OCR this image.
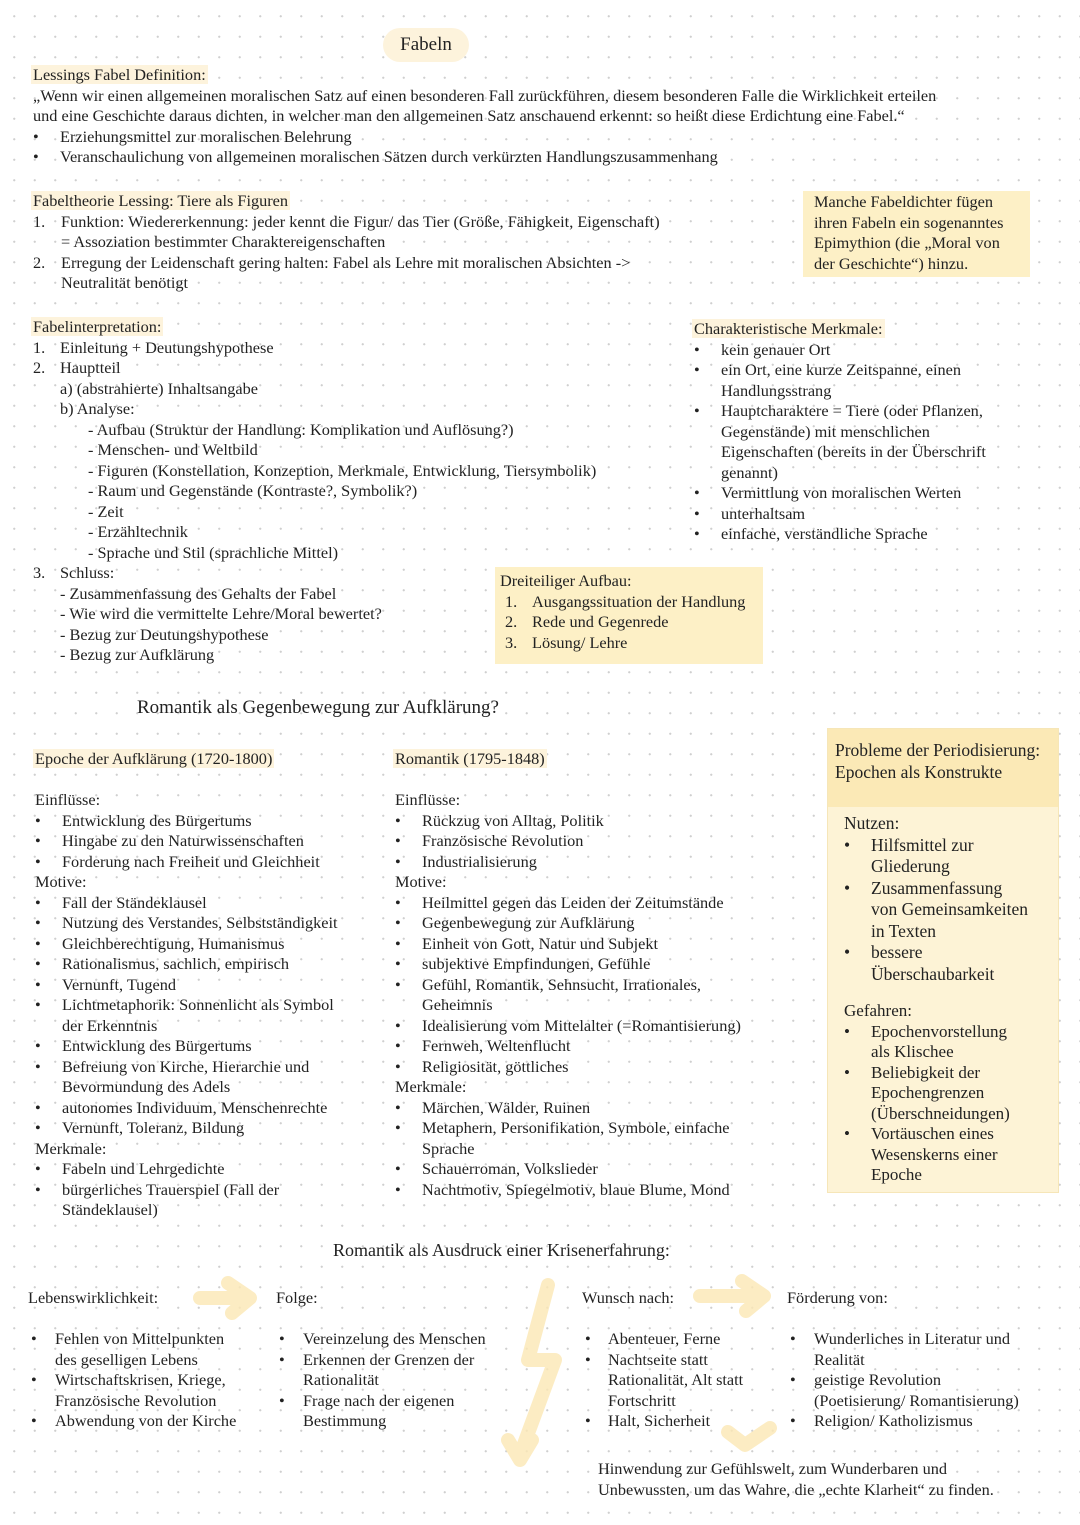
Fabeln
Lessings Fabel Definition:
„Wenn wir einen allgemeinen moralischen Satz auf einen besonderen Fall zurückführen, diesem besonderen Falle die Wirklichkeit erteilen
und eine Geschichte daraus dichten, in welcher man den allgemeinen Satz anschauend erkennt: so heißt diese Erdichtung eine Fabel.“
• Erziehungsmittel zur moralischen Belehrung
• Veranschaulichung von allgemeinen moralischen Sätzen durch verkürzten Handlungszusammenhang
Fabeltheorie Lessing: Tiere als Figuren
1. Funktion: Wiedererkennung: jeder kennt die Figur/ das Tier (Größe, Fähigkeit, Eigenschaft)
= Assoziation bestimmter Charaktereigenschaften
2. Erregung der Leidenschaft gering halten: Fabel als Lehre mit moralischen Absichten ->
Neutralität benötigt
Manche Fabeldichter fügen
ihren Fabeln ein sogenanntes
Epimythion (die „Moral von
der Geschichte“) hinzu.
Fabelinterpretation:
1. Einleitung + Deutungshypothese
2. Hauptteil
a) (abstrahierte) Inhaltsangabe
b) Analyse:
- Aufbau (Struktur der Handlung: Komplikation und Auflösung?)
- Menschen- und Weltbild
- Figuren (Konstellation, Konzeption, Merkmale, Entwicklung, Tiersymbolik)
- Raum und Gegenstände (Kontraste?, Symbolik?)
- Zeit
- Erzähltechnik
- Sprache und Stil (sprachliche Mittel)
3. Schluss:
- Zusammenfassung des Gehalts der Fabel
- Wie wird die vermittelte Lehre/Moral bewertet?
- Bezug zur Deutungshypothese
- Bezug zur Aufklärung
Charakteristische Merkmale:
• kein genauer Ort
• ein Ort, eine kurze Zeitspanne, einen
Handlungsstrang
• Hauptcharaktere = Tiere (oder Pflanzen,
Gegenstände) mit menschlichen
Eigenschaften (bereits in der Überschrift
genannt)
• Vermittlung von moralischen Werten
• unterhaltsam
• einfache, verständliche Sprache
Dreiteiliger Aufbau:
1. Ausgangssituation der Handlung
2. Rede und Gegenrede
3. Lösung/ Lehre
Romantik als Gegenbewegung zur Aufklärung?
Epoche der Aufklärung (1720-1800)
Einflüsse:
• Entwicklung des Bürgertums
• Hingabe zu den Naturwissenschaften
• Forderung nach Freiheit und Gleichheit
Motive:
• Fall der Ständeklausel
• Nutzung des Verstandes, Selbstständigkeit
• Gleichberechtigung, Humanismus
• Rationalismus, sachlich, empirisch
• Vernunft, Tugend
• Lichtmetaphorik: Sonnenlicht als Symbol
der Erkenntnis
• Entwicklung des Bürgertums
• Befreiung von Kirche, Hierarchie und
Bevormundung des Adels
• autonomes Individuum, Menschenrechte
• Vernunft, Toleranz, Bildung
Merkmale:
• Fabeln und Lehrgedichte
• bürgerliches Trauerspiel (Fall der
Ständeklausel)
Romantik (1795-1848)
Einflüsse:
• Rückzug von Alltag, Politik
• Französische Revolution
• Industrialisierung
Motive:
• Heilmittel gegen das Leiden der Zeitumstände
• Gegenbewegung zur Aufklärung
• Einheit von Gott, Natur und Subjekt
• subjektive Empfindungen, Gefühle
• Gefühl, Romantik, Sehnsucht, Irrationales,
Geheimnis
• Idealisierung vom Mittelalter (=Romantisierung)
• Fernweh, Weltenflucht
• Religiosität, göttliches
Merkmale:
• Märchen, Wälder, Ruinen
• Metaphern, Personifikation, Symbole, einfache
Sprache
• Schauerroman, Volkslieder
• Nachtmotiv, Spiegelmotiv, blaue Blume, Mond
Probleme der Periodisierung:
Epochen als Konstrukte
Nutzen:
• Hilfsmittel zur
Gliederung
• Zusammenfassung
von Gemeinsamkeiten
in Texten
• bessere
Überschaubarkeit
Gefahren:
• Epochenvorstellung
als Klischee
• Beliebigkeit der
Epochengrenzen
(Überschneidungen)
• Vortäuschen eines
Wesenskerns einer
Epoche
Romantik als Ausdruck einer Krisenerfahrung:
Lebenswirklichkeit:
• Fehlen von Mittelpunkten
des geselligen Lebens
• Wirtschaftskrisen, Kriege,
Französische Revolution
• Abwendung von der Kirche
Folge:
• Vereinzelung des Menschen
• Erkennen der Grenzen der
Rationalität
• Frage nach der eigenen
Bestimmung
Wunsch nach:
• Abenteuer, Ferne
• Nachtseite statt
Rationalität, Alt statt
Fortschritt
• Halt, Sicherheit
Förderung von:
• Wunderliches in Literatur und
Realität
• geistige Revolution
(Poetisierung/ Romantisierung)
• Religion/ Katholizismus
Hinwendung zur Gefühlswelt, zum Wunderbaren und
Unbewussten, um das Wahre, die „echte Klarheit“ zu finden.
